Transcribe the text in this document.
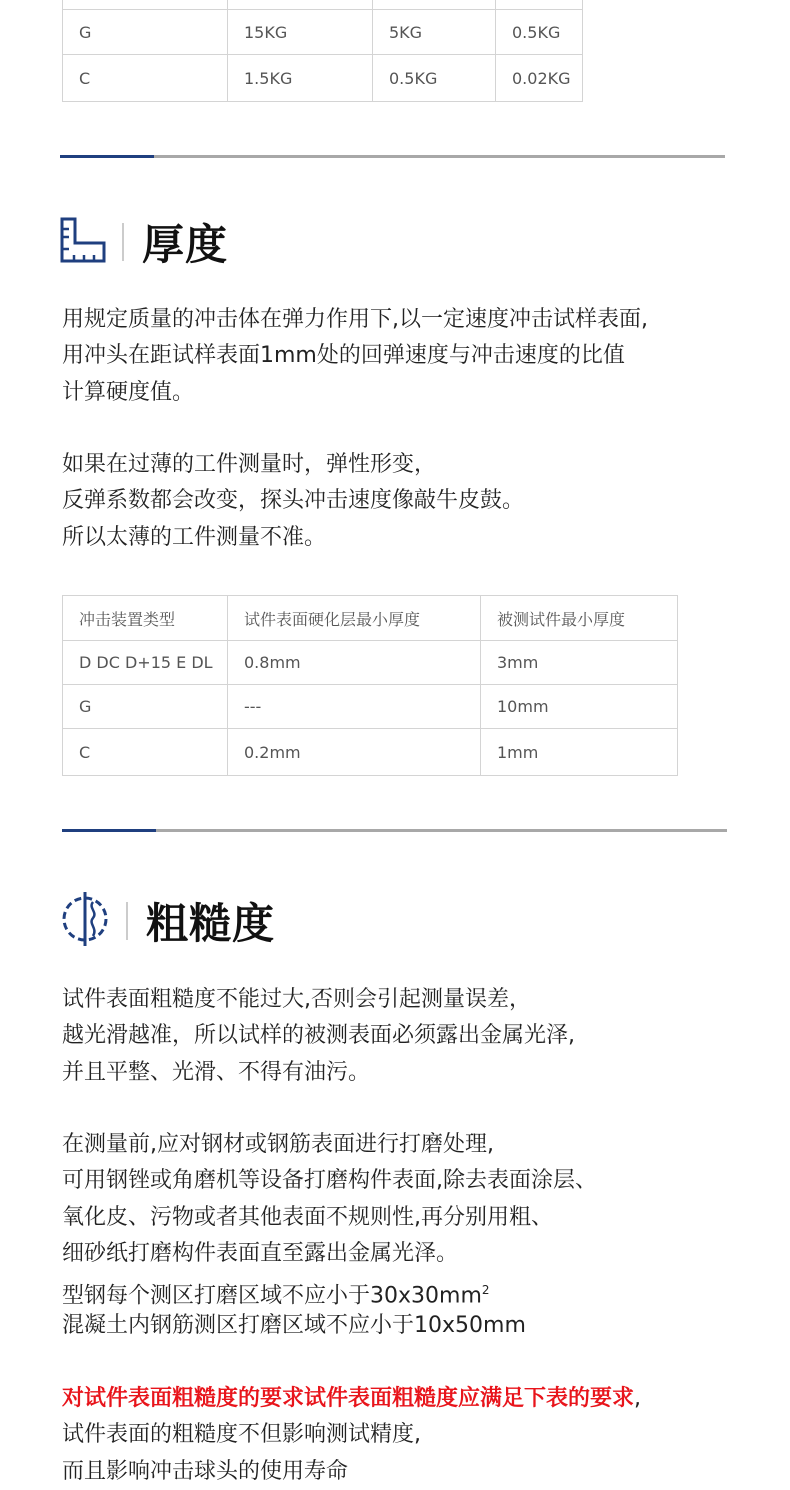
G	15KG	5KG	0.5KG
C	1.5KG	0.5KG	0.02KG
厚度

用规定质量的冲击体在弹力作用下,以一定速度冲击试样表面,

用冲头在距试样表面1mm处的回弹速度与冲击速度的比值

计算硬度值。

如果在过薄的工件测量时，弹性形变，

反弹系数都会改变，探头冲击速度像敲牛皮鼓。

所以太薄的工件测量不准。

冲击装置类型	试件表面硬化层最小厚度	被测试件最小厚度
D DC D+15 E DL	0.8mm	3mm
G	---	10mm
C	0.2mm	1mm
粗糙度

试件表面粗糙度不能过大,否则会引起测量误差，

越光滑越准，所以试样的被测表面必须露出金属光泽,

并且平整、光滑、不得有油污。

在测量前,应对钢材或钢筋表面进行打磨处理,

可用钢锉或角磨机等设备打磨构件表面,除去表面涂层、

氧化皮、污物或者其他表面不规则性,再分别用粗、

细砂纸打磨构件表面直至露出金属光泽。

型钢每个测区打磨区域不应小于$30x30mm^2$

混凝土内钢筋测区打磨区域不应小于10x50mm

对试件表面粗糙度的要求试件表面粗糙度应满足下表的要求,

试件表面的粗糙度不但影响测试精度,

而且影响冲击球头的使用寿命
